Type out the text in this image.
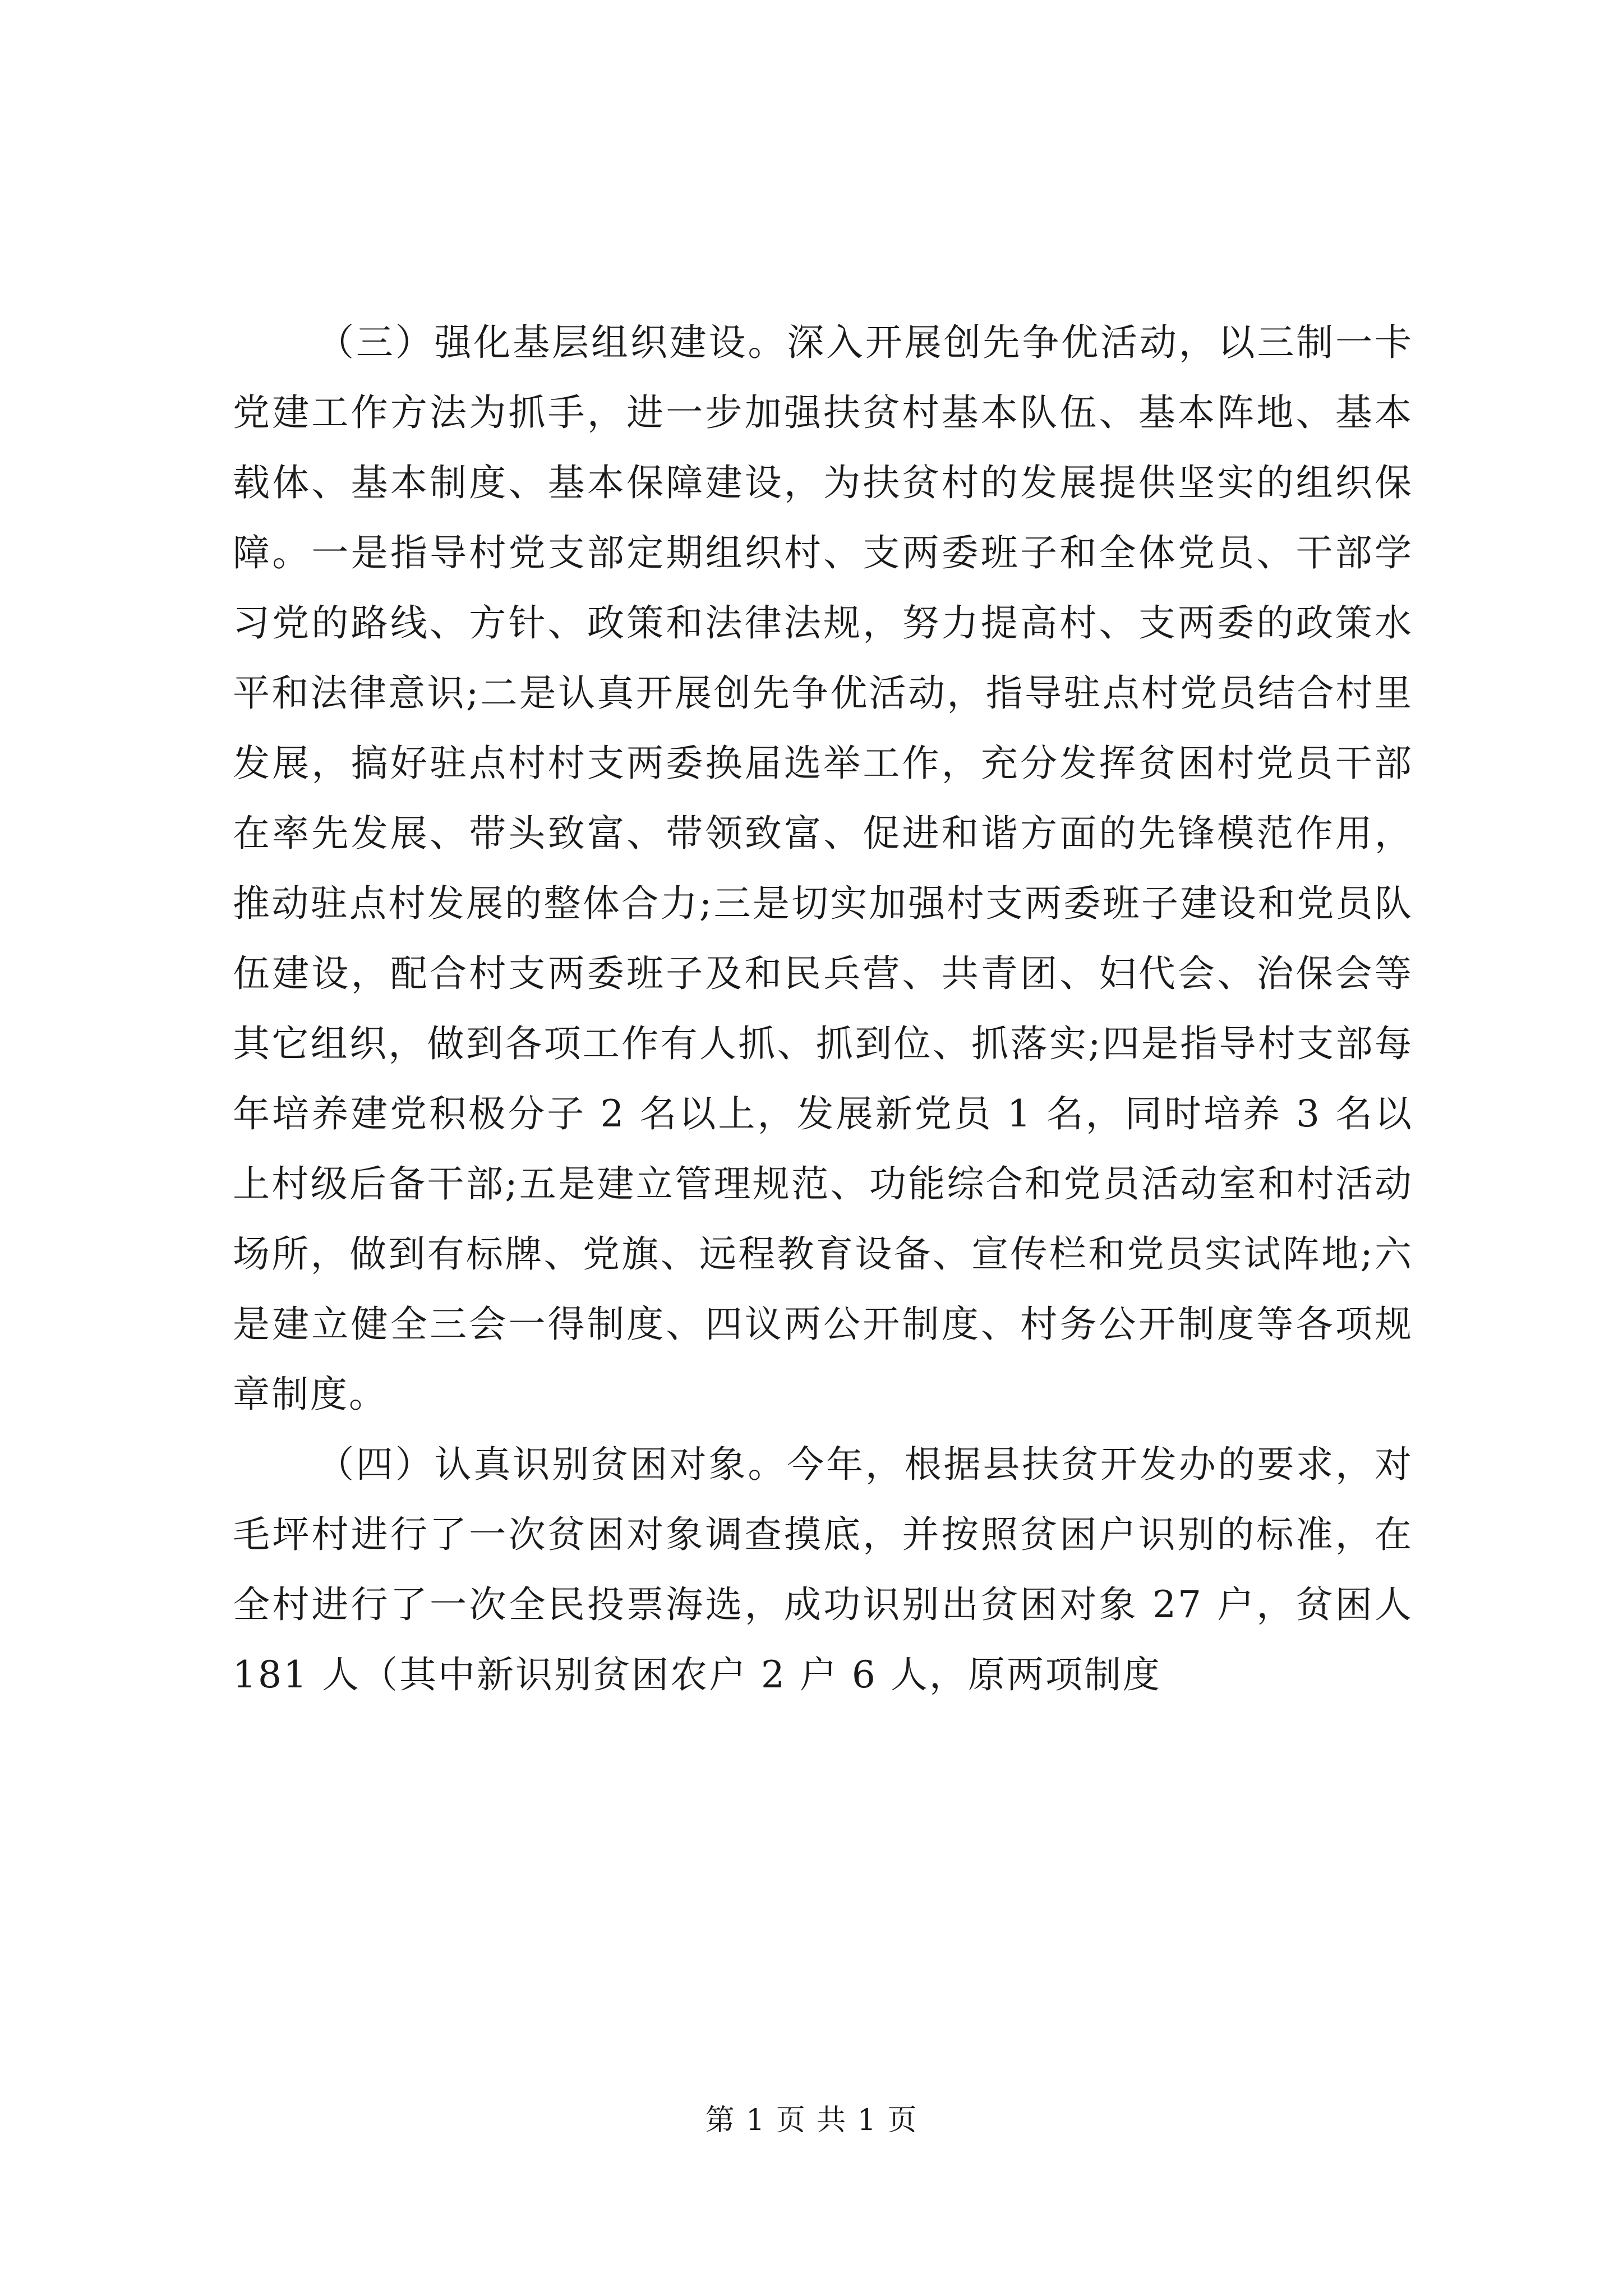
（三）强化基层组织建设。深入开展创先争优活动，以三制一卡党建工作方法为抓手，进一步加强扶贫村基本队伍、基本阵地、基本载体、基本制度、基本保障建设，为扶贫村的发展提供坚实的组织保障。一是指导村党支部定期组织村、支两委班子和全体党员、干部学习党的路线、方针、政策和法律法规，努力提高村、支两委的政策水平和法律意识;二是认真开展创先争优活动，指导驻点村党员结合村里发展，搞好驻点村村支两委换届选举工作，充分发挥贫困村党员干部在率先发展、带头致富、带领致富、促进和谐方面的先锋模范作用，推动驻点村发展的整体合力;三是切实加强村支两委班子建设和党员队伍建设，配合村支两委班子及和民兵营、共青团、妇代会、治保会等其它组织，做到各项工作有人抓、抓到位、抓落实;四是指导村支部每年培养建党积极分子 2 名以上，发展新党员 1 名，同时培养 3 名以上村级后备干部;五是建立管理规范、功能综合和党员活动室和村活动场所，做到有标牌、党旗、远程教育设备、宣传栏和党员实试阵地;六是建立健全三会一得制度、四议两公开制度、村务公开制度等各项规章制度。

（四）认真识别贫困对象。今年，根据县扶贫开发办的要求，对毛坪村进行了一次贫困对象调查摸底，并按照贫困户识别的标准，在全村进行了一次全民投票海选，成功识别出贫困对象 27 户，贫困人 181 人（其中新识别贫困农户 2 户 6 人，原两项制度

第 1 页 共 1 页
